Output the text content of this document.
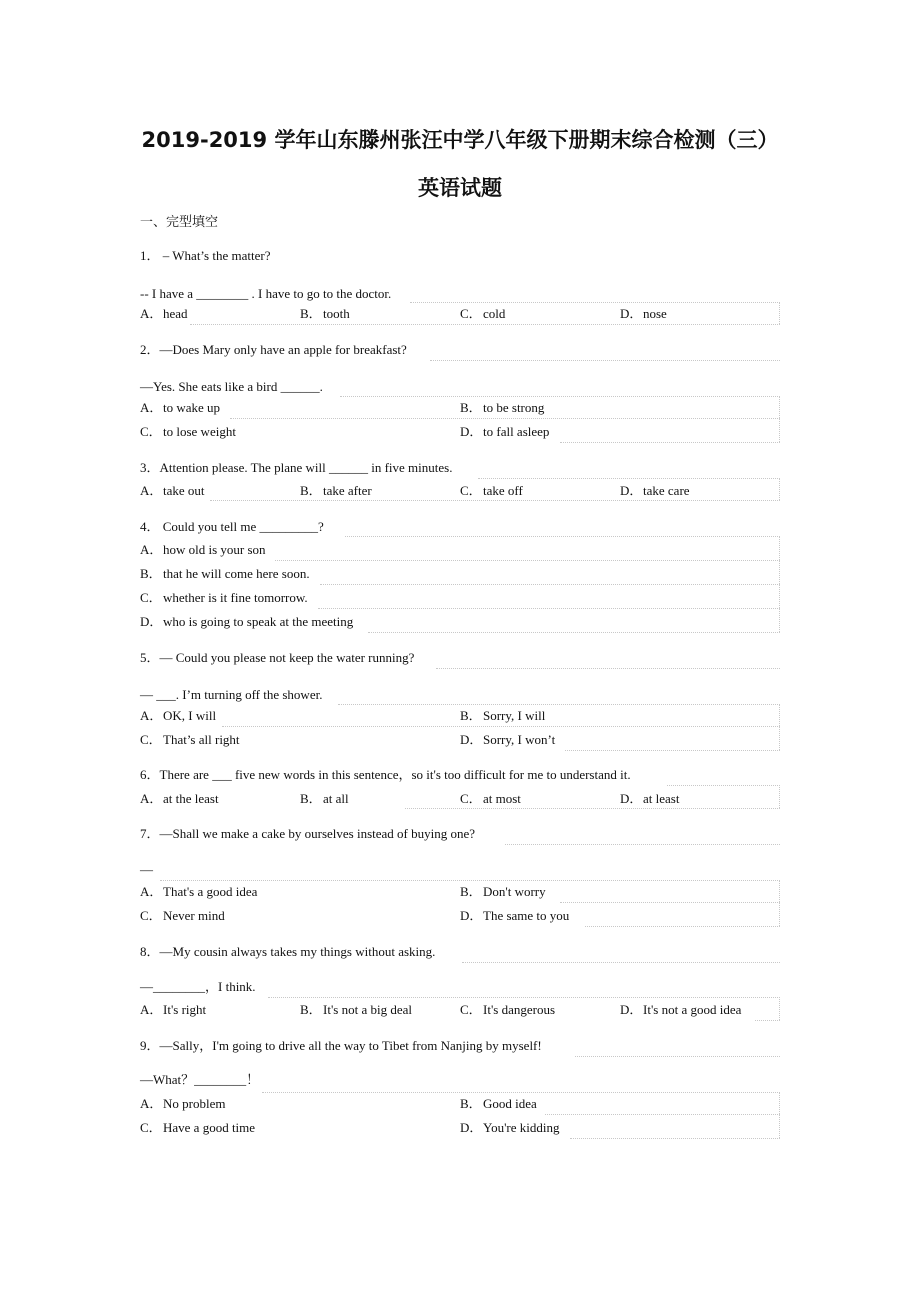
2019-2019 学年山东滕州张汪中学八年级下册期末综合检测（三）
英语试题
一、完型填空
1． – What’s the matter?
-- I have a ________ . I have to go to the doctor.
A．head	B．tooth	C．cold	D．nose
2．—Does Mary only have an apple for breakfast?
—Yes. She eats like a bird ______.
A．to wake up	B．to be strong
C．to lose weight	D．to fall asleep
3．Attention please. The plane will ______ in five minutes.
A．take out	B．take after	C．take off	D．take care
4． Could you tell me _________?
A．how old is your son
B．that he will come here soon.
C．whether is it fine tomorrow.
D．who is going to speak at the meeting
5．— Could you please not keep the water running?
— ___. I’m turning off the shower.
A．OK, I will	B．Sorry, I will
C．That’s all right	D．Sorry, I won’t
6．There are ___ five new words in this sentence，so it's too difficult for me to understand it.
A．at the least	B．at all	C．at most	D．at least
7．—Shall we make a cake by ourselves instead of buying one?
—
A．That's a good idea	B．Don't worry
C．Never mind	D．The same to you
8．—My cousin always takes my things without asking.
—________，I think.
A．It's right	B．It's not a big deal	C．It's dangerous	D．It's not a good idea
9．—Sally，I'm going to drive all the way to Tibet from Nanjing by myself!
—What？________！
A．No problem	B．Good idea
C．Have a good time	D．You're kidding
